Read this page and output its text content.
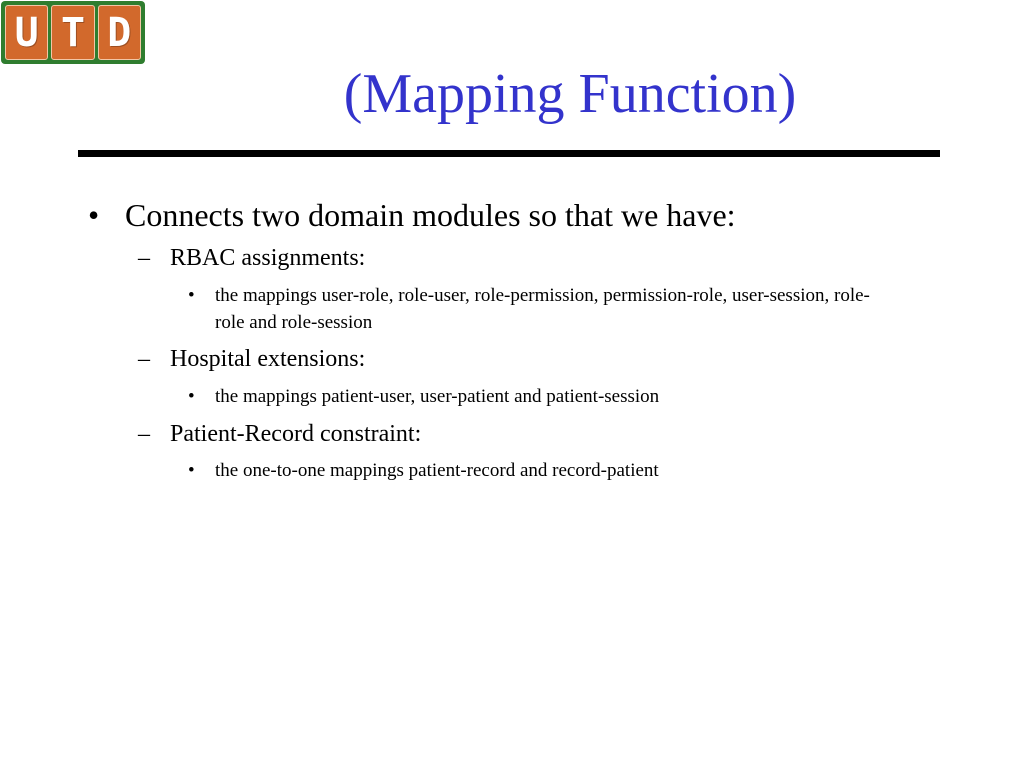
U T D
(Mapping Function)
• Connects two domain modules so that we have:
– RBAC assignments:
• the mappings user-role, role-user, role-permission, permission-role, user-session, role-role and role-session
– Hospital extensions:
• the mappings patient-user, user-patient and patient-session
– Patient-Record constraint:
• the one-to-one mappings patient-record and record-patient
